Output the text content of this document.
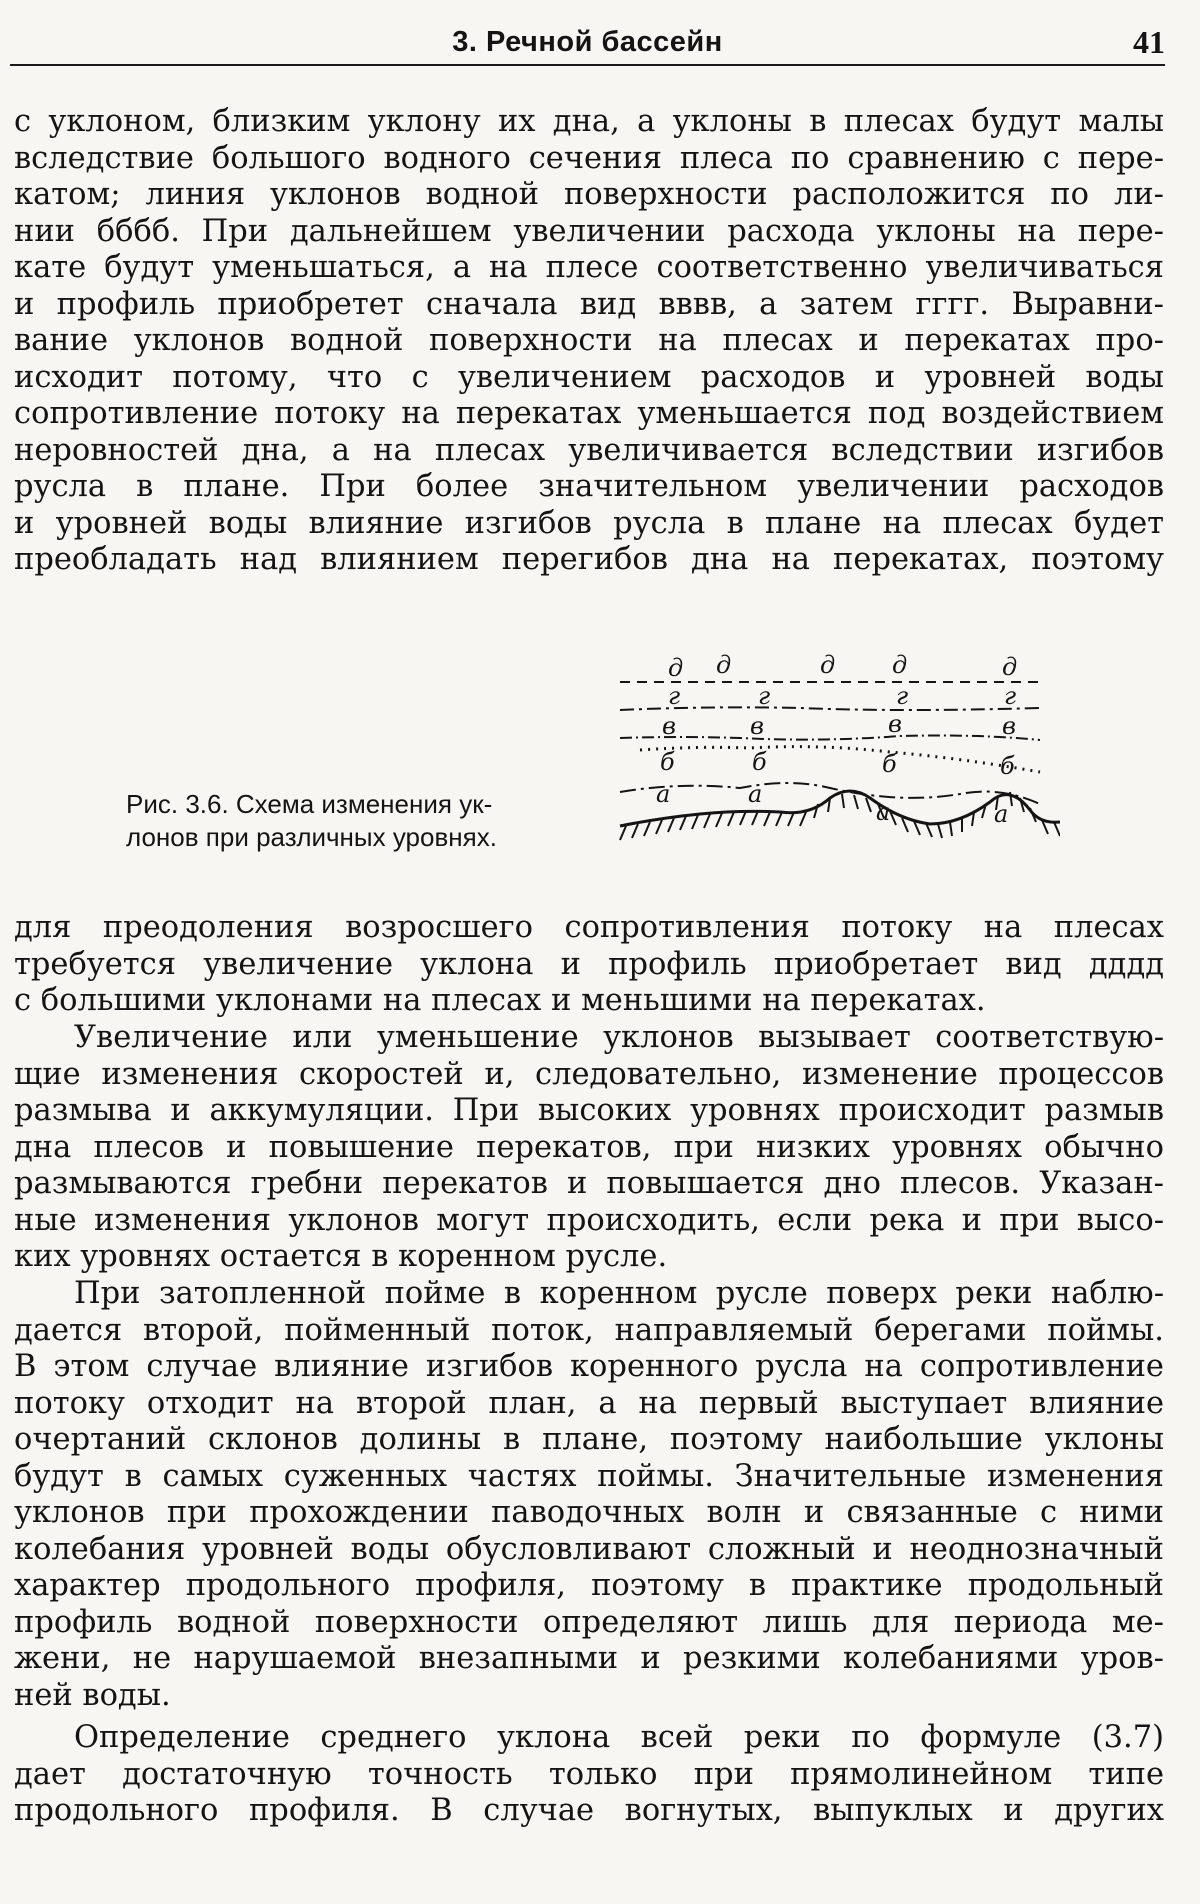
3. Речной бассейн	41
с уклоном, близким уклону их дна, а уклоны в плесах будут малы
вследствие большого водного сечения плеса по сравнению с пере-
катом; линия уклонов водной поверхности расположится по ли-
нии бббб. При дальнейшем увеличении расхода уклоны на пере-
кате будут уменьшаться, а на плесе соответственно увеличиваться
и профиль приобретет сначала вид вввв, а затем гггг. Выравни-
вание уклонов водной поверхности на плесах и перекатах про-
исходит потому, что с увеличением расходов и уровней воды
сопротивление потоку на перекатах уменьшается под воздействием
неровностей дна, а на плесах увеличивается вследствии изгибов
русла в плане. При более значительном увеличении расходов
и уровней воды влияние изгибов русла в плане на плесах будет
преобладать над влиянием перегибов дна на перекатах, поэтому
Рис. 3.6. Схема изменения ук-
лонов при различных уровнях.
д д	д д	д
г	г	г	г
в	в	в	в
б	б	б	б
а	а
а	а
для преодоления возросшего сопротивления потоку на плесах
требуется увеличение уклона и профиль приобретает вид дддд
с большими уклонами на плесах и меньшими на перекатах.
Увеличение или уменьшение уклонов вызывает соответствую-
щие изменения скоростей и, следовательно, изменение процессов
размыва и аккумуляции. При высоких уровнях происходит размыв
дна плесов и повышение перекатов, при низких уровнях обычно
размываются гребни перекатов и повышается дно плесов. Указан-
ные изменения уклонов могут происходить, если река и при высо-
ких уровнях остается в коренном русле.
При затопленной пойме в коренном русле поверх реки наблю-
дается второй, пойменный поток, направляемый берегами поймы.
В этом случае влияние изгибов коренного русла на сопротивление
потоку отходит на второй план, а на первый выступает влияние
очертаний склонов долины в плане, поэтому наибольшие уклоны
будут в самых суженных частях поймы. Значительные изменения
уклонов при прохождении паводочных волн и связанные с ними
колебания уровней воды обусловливают сложный и неоднозначный
характер продольного профиля, поэтому в практике продольный
профиль водной поверхности определяют лишь для периода ме-
жени, не нарушаемой внезапными и резкими колебаниями уров-
ней воды.
Определение среднего уклона всей реки по формуле (3.7)
дает достаточную точность только при прямолинейном типе
продольного профиля. В случае вогнутых, выпуклых и других
